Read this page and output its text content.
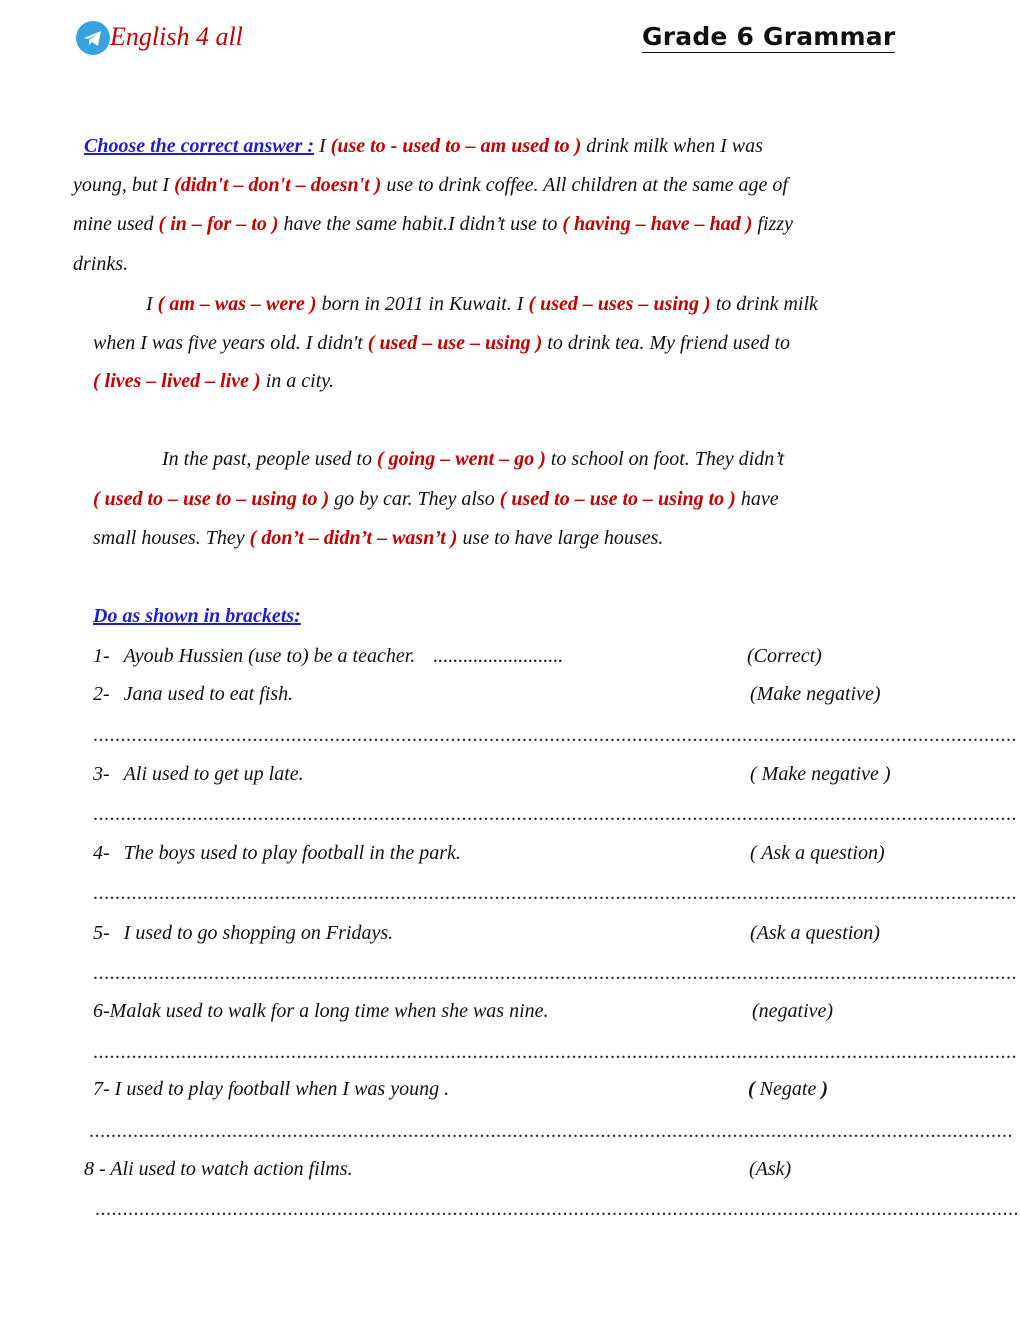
English 4 all	Grade 6 Grammar
Choose the correct answer : I (use to - used to – am used to ) drink milk when I was
young, but I (didn't – don't – doesn't ) use to drink coffee. All children at the same age of
mine used ( in – for – to ) have the same habit.I didn’t use to ( having – have – had ) fizzy
drinks.
I ( am – was – were ) born in 2011 in Kuwait. I ( used – uses – using ) to drink milk
when I was five years old. I didn't ( used – use – using ) to drink tea. My friend used to
( lives – lived – live ) in a city.
In the past, people used to ( going – went – go ) to school on foot. They didn’t
( used to – use to – using to ) go by car. They also ( used to – use to – using to ) have
small houses. They ( don’t – didn’t – wasn’t ) use to have large houses.
Do as shown in brackets:
1- Ayoub Hussien (use to) be a teacher. ..........................	(Correct)
2- Jana used to eat fish.	(Make negative)
........................................................................................................................................................................
3- Ali used to get up late.	( Make negative )
........................................................................................................................................................................
4- The boys used to play football in the park.	( Ask a question)
........................................................................................................................................................................
5- I used to go shopping on Fridays.	(Ask a question)
........................................................................................................................................................................
6-Malak used to walk for a long time when she was nine.	(negative)
........................................................................................................................................................................
7- I used to play football when I was young .	( Negate )
........................................................................................................................................................................
8 - Ali used to watch action films.	(Ask)
........................................................................................................................................................................
